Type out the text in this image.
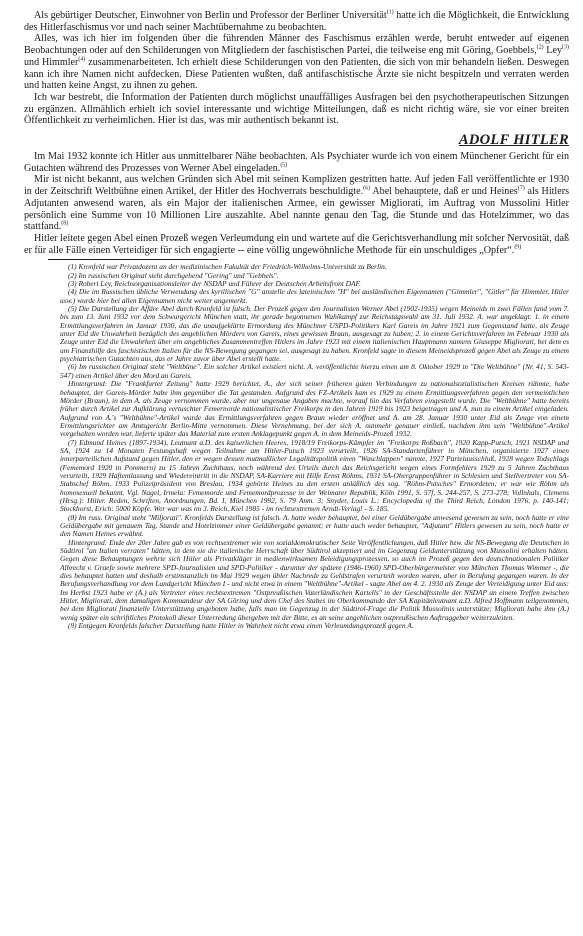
Als gebürtiger Deutscher, Einwohner von Berlin und Professor der Berliner Universität$^{(1)}$ hatte ich die Möglichkeit, die Entwicklung des Hitlerfaschismus vor und nach seiner Machtübernahme zu beobachten.

Alles, was ich hier im folgenden über die führenden Männer des Faschismus erzählen werde, beruht entweder auf eigenen Beobachtungen oder auf den Schilderungen von Mitgliedern der faschistischen Partei, die teilweise eng mit Göring, Goebbels,$^{(2)}$ Ley$^{(3)}$ und Himmler$^{(4)}$ zusammenarbeiteten. Ich erhielt diese Schilderungen von den Patienten, die sich von mir behandeln ließen. Deswegen kann ich ihre Namen nicht aufdecken. Diese Patienten wußten, daß antifaschistische Ärzte sie nicht bespitzeln und verraten werden und hatten keine Angst, zu ihnen zu gehen.

Ich war bestrebt, die Information der Patienten durch möglichst unauffälliges Ausfragen bei den psychotherapeutischen Sitzungen zu ergänzen. Allmählich erhielt ich soviel interessante und wichtige Mitteilungen, daß es nicht richtig wäre, sie vor einer breiten Öffentlichkeit zu verheimlichen. Hier ist das, was mir authentisch bekannt ist.

ADOLF HITLER

Im Mai 1932 konnte ich Hitler aus unmittelbarer Nähe beobachten. Als Psychiater wurde ich von einem Münchener Gericht für ein Gutachten während des Prozesses von Werner Abel eingeladen.$^{(5)}$

Mir ist nicht bekannt, aus welchen Gründen sich Abel mit seinen Komplizen gestritten hatte. Auf jeden Fall veröffentlichte er 1930 in der Zeitschrift Weltbühne einen Artikel, der Hitler des Hochverrats beschuldigte.$^{(6)}$ Abel behauptete, daß er und Heines$^{(7)}$ als Hitlers Adjutanten anwesend waren, als ein Major der italienischen Armee, ein gewisser Migliorati, im Auftrag von Mussolini Hitler persönlich eine Summe von 10 Millionen Lire auszahlte. Abel nannte genau den Tag, die Stunde und das Hotelzimmer, wo das stattfand.$^{(8)}$

Hitler leitete gegen Abel einen Prozeß wegen Verleumdung ein und wartete auf die Gerichtsverhandlung mit solcher Nervosität, daß er für alle Fälle einen Verteidiger für sich engagierte -- eine völlig ungewöhnliche Methode für ein unschuldiges „Opfer“.$^{(9)}$

(1) Kronfeld war Privatdozent an der medizinischen Fakultät der Friedrich-Wilhelms-Universität zu Berlin.

(2) Im russischen Original steht durchgehend "Gering" und "Gebbels".

(3) Robert Ley, Reichsorganisationsleiter der NSDAP und Führer der Deutschen Arbeitsfront DAF.

(4) Die im Russischen übliche Verwendung des kyrillischen "G" anstelle des lateinischen "H" bei ausländischen Eigennamen ("Gimmler", "Gitler" für Himmler, Hitler usw.) wurde hier bei allen Eigennamen nicht weiter angemerkt.

(5) Die Darstellung der Affäre Abel durch Kronfeld ist falsch. Der Prozeß gegen den Journalisten Werner Abel (1902-1935) wegen Meineids in zwei Fällen fand vom 7. bis zum 13. Juni 1932 vor dem Schwurgericht München statt, ihr gerade begonnenen Wahlkampf zur Reichstagswahl am 31. Juli 1932. A. war angeklagt: 1. in einem Ermittlungsverfahren im Januar 1930, das die unaufgeklärte Ermordung des Münchner USPD-Politikers Karl Gareis im Jahre 1921 zum Gegenstand hatte, als Zeuge unter Eid die Unwahrheit bezüglich des angeblichen Mörders von Gareis, eines gewissen Braun, ausgesagt zu haben; 2. in einem Gerichtsverfahren im Februar 1930 als Zeuge unter Eid die Unwahrheit über ein angebliches Zusammentreffen Hitlers im Jahre 1923 mit einem italienischen Hauptmann namens Giuseppe Migliorati, bei dem es um Finanzhilfe des faschistischen Italien für die NS-Bewegung gegangen sei, ausgesagt zu haben. Kronfeld sagte in diesem Meineidsprozeß gegen Abel als Zeuge zu einem psychiatrischen Gutachten aus, das er Jahre zuvor über Abel erstellt hatte.

(6) Im russischen Original steht "Weltbüne". Ein solcher Artikel existiert nicht. A. veröffentlichte hierzu einen am 8. Oktober 1929 in "Die Weltbühne" (Nr. 41, S. 543-547) einen Artikel über den Mord an Gareis.

Hintergrund: Die "Frankfurter Zeitung" hatte 1929 berichtet, A., der sich seiner früheren guten Verbindungen zu nationalsozialistischen Kreisen rühmte, habe behauptet, der Gareis-Mörder habe ihm gegenüber die Tat gestanden. Aufgrund des FZ-Artikels kam es 1929 zu einem Ermittlungsverfahren gegen den vermeintlichen Mörder (Braun), in dem A. als Zeuge vernommen wurde, aber nur ungenaue Angaben machte, worauf hin das Verfahren eingestellt wurde. Die "Weltbühne" hatte bereits früher durch Artikel zur Aufklärung vertuschter Femernorde nationalistischer Freikorps in den Jahren 1919 bis 1923 beigetragen und A. nun zu einem Artikel eingeladen. Aufgrund von A.'s "Weltbühne"-Artikel wurde das Ermittlungsverfahren gegen Braun wieder eröffnet und A. am 28. Januar 1930 unter Eid als Zeuge von einem Ermittlungsrichter am Amtsgericht Berlin-Mitte vernommen. Diese Vernehmung, bei der sich A. nunmehr genauer einließ, nachdem ihm sein "Weltbühne"-Artikel vorgehalten worden war, lieferte später das Material zum ersten Anklagepunkt gegen A. in dem Meineids-Prozeß 1932.

(7) Edmund Heines (1897-1934), Leutnant a.D. des kaiserlichen Heeres, 1918/19 Freikorps-Kämpfer im "Freikorps Roßbach", 1920 Kapp-Putsch, 1921 NSDAP und SA, 1924 zu 14 Monaten Festungshaft wegen Teilnahme am Hitler-Putsch 1923 verurteilt, 1926 SA-Standartenführer in München, organisierte 1927 einen innerparteilichen Aufstand gegen Hitler, den er wegen dessen mutmaßlicher Legalitätspolitik einen "Waschlappen" nannte, 1927 Parteiausschluß, 1928 wegen Todschlags (Fememord 1920 in Pommern) zu 15 Jahren Zuchthaus, noch während des Urteils durch das Reichsgericht wegen eines Formfehlers 1929 zu 5 Jahren Zuchthaus verurteilt, 1929 Haftentlassung und Wiedereintritt in die NSDAP, SA-Karriere mit Hilfe Ernst Röhms, 1931 SA-Obergruppenführer in Schlesien und Stellvertreter von SA-Stabschef Röhm, 1933 Polizeipräsident von Breslau, 1934 gehörte Heines zu den ersten anläßlich des sog. "Röhm-Putsches" Ermordeten; er war wie Röhm als homosexuell bekannt. Vgl. Nagel, Irmela: Fememorde und Fememordprozesse in der Weimarer Republik, Köln 1991, S. 57f, S. 244-257, S. 273-278; Vollnhals, Clemens (Hrsg.): Hitler. Reden, Schriften, Anordnungen, Bd. I, München 1992, S. 79 Anm. 3; Snyder, Louis L.: Encyclopedia of the Third Reich, London 1976, p. 140-141; Stockhorst, Erich: 5000 Köpfe. Wer war was im 3. Reich, Kiel 1985 - im rechtsextremen Arndt-Verlag! - S. 185.

(8) Im russ. Original steht "Miljorati". Kronfelds Darstellung ist falsch. A. hatte weder behauptet, bei einer Geldübergabe anwesend gewesen zu sein, noch hatte er eine Geldübergabe mit genauem Tag, Stunde und Hotelzimmer einer Geldübergabe genannt; er hatte auch weder behauptet, "Adjutant" Hitlers gewesen zu sein, noch hatte er den Namen Heines erwähnt.

Hintergrund: Ende der 20er Jahre gab es von rechtsextremer wie von sozialdemokratischer Seite Veröffentlichungen, daß Hitler bzw. die NS-Bewegung die Deutschen in Südtirol "an Italien verraten" hätten, in dem sie die italienische Herrschaft über Südtirol akzeptiert und im Gegenzug Geldunterstützung von Mussolini erhalten hätten. Gegen diese Behauptungen wehrte sich Hitler als Privatkläger in medienwirksamen Beleidigungsprozessen, so auch im Prozeß gegen den deutschnationalen Politiker Albrecht v. Graefe sowie mehrere SPD-Journalisten und SPD-Politiker - darunter der spätere (1946-1960) SPD-Oberbürgermeister von München Thomas Wimmer -, die dies behauptet hatten und deshalb erstinstanzlich im Mai 1929 wegen übler Nachrede zu Geldstrafen verurteilt worden waren, aber in Berufung gegangen waren. In der Berufungsverhandlung vor dem Landgericht München I - und nicht etwa in einem "Weltbühne"-Artikel - sagte Abel am 4. 2. 1930 als Zeuge der Verteidigung unter Eid aus: Im Herbst 1923 habe er (A.) als Vertreter eines rechtsextremen "Ostpreußischen Vaterländischen Kartells" in der Geschäftsstelle der NSDAP an einem Treffen zwischen Hitler, Migliorati, dem damaligen Kommandeur der SA Göring und dem Chef des Stabes im Oberkommando der SA Kapitänleutnant a.D. Alfred Hoffmann teilgenommen, bei dem Migliorati finanzielle Unterstützung angeboten habe, falls man im Gegenzug in der Südtirol-Frage die Politik Mussolinis unterstütze; Migliorati habe ihm (A.) wenig später ein schriftliches Protokoll dieser Unterredung übergeben mit der Bitte, es an seine angeblichen ostpreußischen Auftraggeber weiterzuleiten.

(9) Entgegen Kronfelds falscher Darstellung hatte Hitler in Wahrheit nicht etwa einen Verleumdungsprozeß gegen A.
